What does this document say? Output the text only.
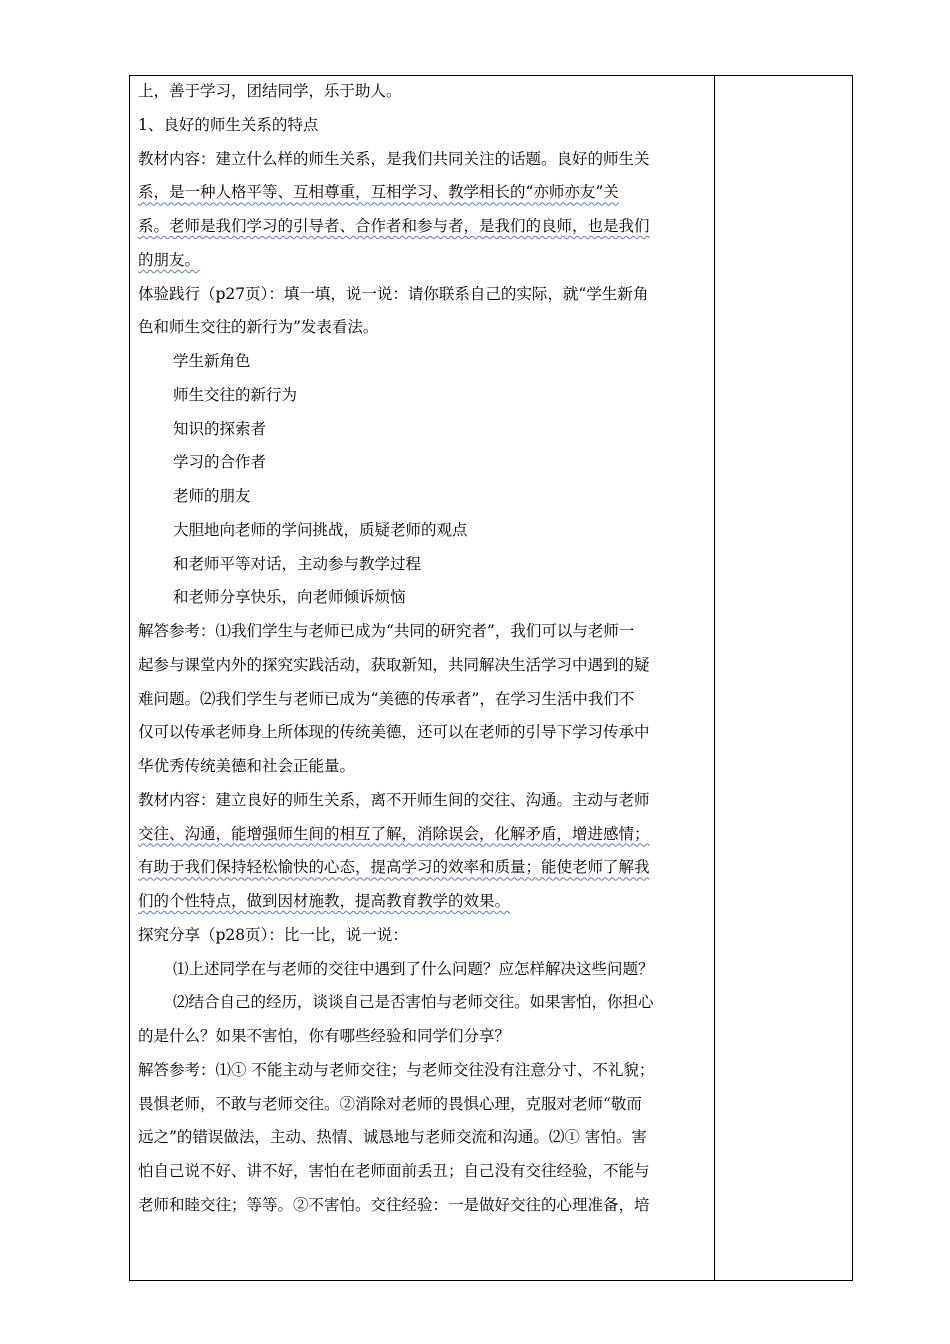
上，善于学习，团结同学，乐于助人。
1、良好的师生关系的特点
教材内容：建立什么样的师生关系，是我们共同关注的话题。良好的师生关
系，是一种人格平等、互相尊重，互相学习、教学相长的“亦师亦友”关
系。老师是我们学习的引导者、合作者和参与者，是我们的良师，也是我们
的朋友。
体验践行（p27页）：填一填，说一说：请你联系自己的实际，就“学生新角
色和师生交往的新行为”发表看法。
学生新角色
师生交往的新行为
知识的探索者
学习的合作者
老师的朋友
大胆地向老师的学问挑战，质疑老师的观点
和老师平等对话，主动参与教学过程
和老师分享快乐，向老师倾诉烦恼
解答参考：⑴我们学生与老师已成为“共同的研究者”，我们可以与老师一
起参与课堂内外的探究实践活动，获取新知，共同解决生活学习中遇到的疑
难问题。⑵我们学生与老师已成为“美德的传承者”，在学习生活中我们不
仅可以传承老师身上所体现的传统美德，还可以在老师的引导下学习传承中
华优秀传统美德和社会正能量。
教材内容：建立良好的师生关系，离不开师生间的交往、沟通。主动与老师
交往、沟通，能增强师生间的相互了解，消除误会，化解矛盾，增进感情；
有助于我们保持轻松愉快的心态，提高学习的效率和质量；能使老师了解我
们的个性特点，做到因材施教，提高教育教学的效果。
探究分享（p28页）：比一比，说一说：
⑴上述同学在与老师的交往中遇到了什么问题？应怎样解决这些问题？
⑵结合自己的经历，谈谈自己是否害怕与老师交往。如果害怕，你担心
的是什么？如果不害怕，你有哪些经验和同学们分享？
解答参考：⑴① 不能主动与老师交往；与老师交往没有注意分寸、不礼貌；
畏惧老师，不敢与老师交往。②消除对老师的畏惧心理，克服对老师“敬而
远之”的错误做法，主动、热情、诚恳地与老师交流和沟通。⑵① 害怕。害
怕自己说不好、讲不好，害怕在老师面前丢丑；自己没有交往经验，不能与
老师和睦交往；等等。②不害怕。交往经验：一是做好交往的心理准备，培
